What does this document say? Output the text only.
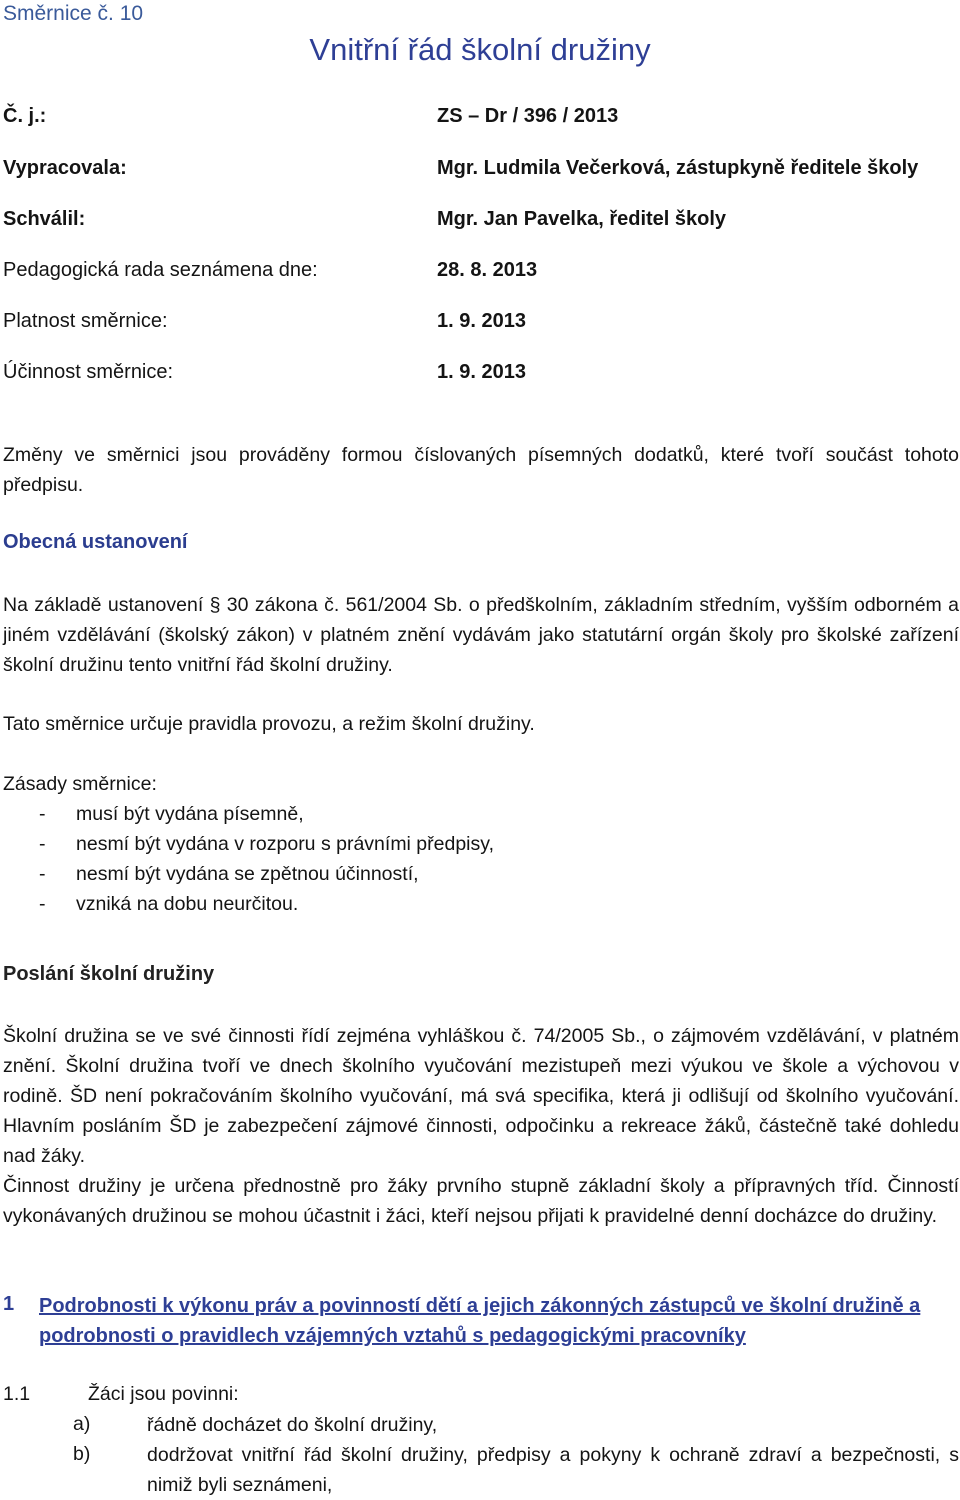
Směrnice č. 10
Vnitřní řád školní družiny
Č. j.:	ZS – Dr / 396 / 2013
Vypracovala:	Mgr. Ludmila Večerková, zástupkyně ředitele školy
Schválil:	Mgr. Jan Pavelka, ředitel školy
Pedagogická rada seznámena dne:	28. 8. 2013
Platnost směrnice:	1. 9. 2013
Účinnost směrnice:	1. 9. 2013
Změny ve směrnici jsou prováděny formou číslovaných písemných dodatků, které tvoří součást tohoto předpisu.
Obecná ustanovení
Na základě ustanovení § 30 zákona č. 561/2004 Sb. o předškolním, základním středním, vyšším odborném a jiném vzdělávání (školský zákon) v platném znění vydávám jako statutární orgán školy pro školské zařízení školní družinu tento vnitřní řád školní družiny.
Tato směrnice určuje pravidla provozu, a režim školní družiny.
Zásady směrnice:
- musí být vydána písemně,
- nesmí být vydána v rozporu s právními předpisy,
- nesmí být vydána se zpětnou účinností,
- vzniká na dobu neurčitou.
Poslání školní družiny
Školní družina se ve své činnosti řídí zejména vyhláškou č. 74/2005 Sb., o zájmovém vzdělávání, v platném znění. Školní družina tvoří ve dnech školního vyučování mezistupeň mezi výukou ve škole a výchovou v rodině. ŠD není pokračováním školního vyučování, má svá specifika, která ji odlišují od školního vyučování. Hlavním posláním ŠD je zabezpečení zájmové činnosti, odpočinku a rekreace žáků, částečně také dohledu nad žáky.
Činnost družiny je určena přednostně pro žáky prvního stupně základní školy a přípravných tříd. Činností vykonávaných družinou se mohou účastnit i žáci, kteří nejsou přijati k pravidelné denní docházce do družiny.
1 Podrobnosti k výkonu práv a povinností dětí a jejich zákonných zástupců ve školní družině a podrobnosti o pravidlech vzájemných vztahů s pedagogickými pracovníky
1.1	Žáci jsou povinni:
a)	řádně docházet do školní družiny,
b)	dodržovat vnitřní řád školní družiny, předpisy a pokyny k ochraně zdraví a bezpečnosti, s nimiž byli seznámeni,
